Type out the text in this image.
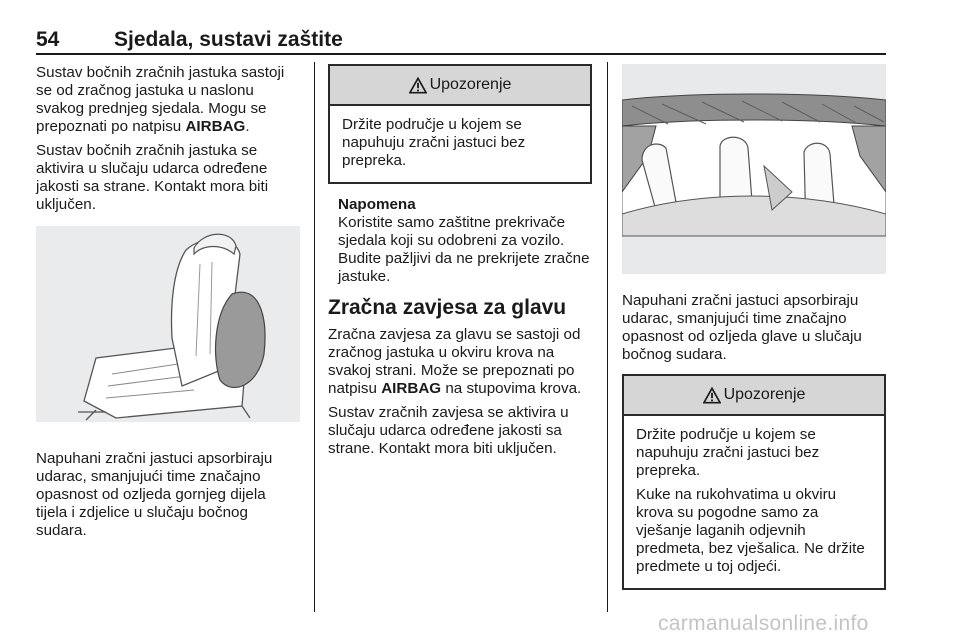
54	Sjedala, sustavi zaštite

Sustav bočnih zračnih jastuka sastoji se od zračnog jastuka u naslonu svakog prednjeg sjedala. Mogu se prepoznati po natpisu AIRBAG.

Sustav bočnih zračnih jastuka se aktivira u slučaju udarca određene jakosti sa strane. Kontakt mora biti uključen.

Napuhani zračni jastuci apsorbiraju udarac, smanjujući time značajno opasnost od ozljeda gornjeg dijela tijela i zdjelice u slučaju bočnog sudara.

Upozorenje

Držite područje u kojem se napuhuju zračni jastuci bez prepreka.

Napomena
Koristite samo zaštitne prekrivače sjedala koji su odobreni za vozilo. Budite pažljivi da ne prekrijete zračne jastuke.
Zračna zavjesa za glavu

Zračna zavjesa za glavu se sastoji od zračnog jastuka u okviru krova na svakoj strani. Može se prepoznati po natpisu AIRBAG na stupovima krova.

Sustav zračnih zavjesa se aktivira u slučaju udarca određene jakosti sa strane. Kontakt mora biti uključen.

Napuhani zračni jastuci apsorbiraju udarac, smanjujući time značajno opasnost od ozljeda glave u slučaju bočnog sudara.

Upozorenje

Držite područje u kojem se napuhuju zračni jastuci bez prepreka.

Kuke na rukohvatima u okviru krova su pogodne samo za vješanje laganih odjevnih predmeta, bez vješalica. Ne držite predmete u toj odjeći.

carmanualsonline.info
